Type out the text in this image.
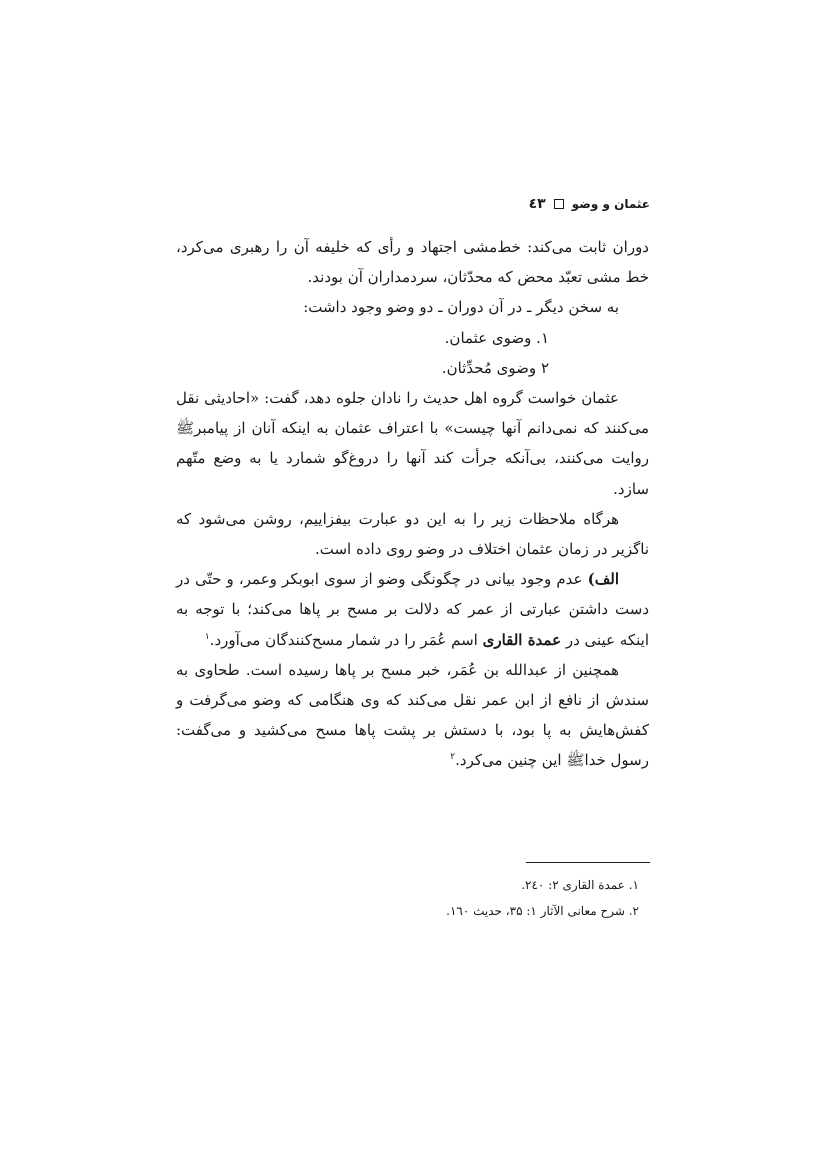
عثمان و وضو
٤٣

دوران ثابت می‌کند: خط‌مشی اجتهاد و رأی که خلیفه آن را رهبری می‌کرد، خط مشی تعبّد محض که محدّثان، سردمداران آن بودند.

به سخن دیگر ـ در آن دوران ـ دو وضو وجود داشت:

۱. وضوی عثمان.

۲ وضوی مُحدِّثان.

عثمان خواست گروه اهل حدیث را نادان جلوه دهد، گفت: «احادیثی نقل می‌کنند که نمی‌دانم آنها چیست» با اعتراف عثمان به اینکه آنان از پیامبرﷺ روایت می‌کنند، بی‌آنکه جرأت کند آنها را دروغ‌گو شمارد یا به وضع متّهم سازد.

هرگاه ملاحظات زیر را به این دو عبارت بیفزاییم، روشن می‌شود که ناگزیر در زمان عثمان اختلاف در وضو روی داده است.

الف) عدم وجود بیانی در چگونگی وضو از سوی ابوبکر وعمر، و حتّی در دست داشتن عبارتی از عمر که دلالت بر مسح بر پاها می‌کند؛ با توجه به اینکه عینی در عمدة القاری اسم عُمَر را در شمار مسح‌کنندگان می‌آورد.$^۱$

همچنین از عبدالله بن عُمَر، خبر مسح بر پاها رسیده است. طحاوی به سندش از نافع از ابن عمر نقل می‌کند که وی هنگامی که وضو می‌گرفت و کفش‌هایش به پا بود، با دستش بر پشت پاها مسح می‌کشید و می‌گفت: رسول خداﷺ این چنین می‌کرد.$^۲$

۱. عمدة القاری ۲: ۲٤۰.
۲. شرح معانی الآثار ۱: ۳۵، حدیث ۱٦۰.
